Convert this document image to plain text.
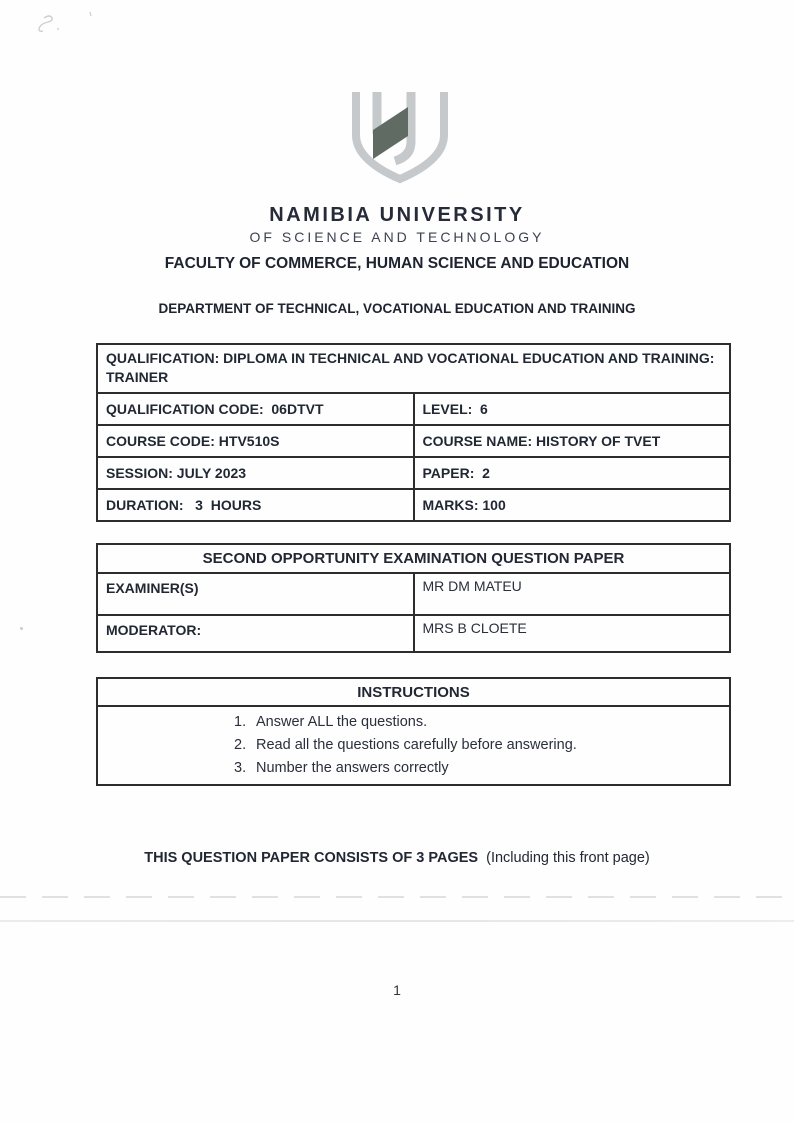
NAMIBIA UNIVERSITY
OF SCIENCE AND TECHNOLOGY
FACULTY OF COMMERCE, HUMAN SCIENCE AND EDUCATION
DEPARTMENT OF TECHNICAL, VOCATIONAL EDUCATION AND TRAINING
QUALIFICATION: DIPLOMA IN TECHNICAL AND VOCATIONAL EDUCATION AND TRAINING: TRAINER	
QUALIFICATION CODE:  06DTVT	LEVEL:  6
COURSE CODE: HTV510S	COURSE NAME: HISTORY OF TVET
SESSION: JULY 2023	PAPER:  2
DURATION:   3  HOURS	MARKS: 100
SECOND OPPORTUNITY EXAMINATION QUESTION PAPER	
EXAMINER(S)	MR DM MATEU
MODERATOR:	MRS B CLOETE
INSTRUCTIONS

1. Answer ALL the questions.
2. Read all the questions carefully before answering.
3. Number the answers correctly
THIS QUESTION PAPER CONSISTS OF 3 PAGES (Including this front page)
1
